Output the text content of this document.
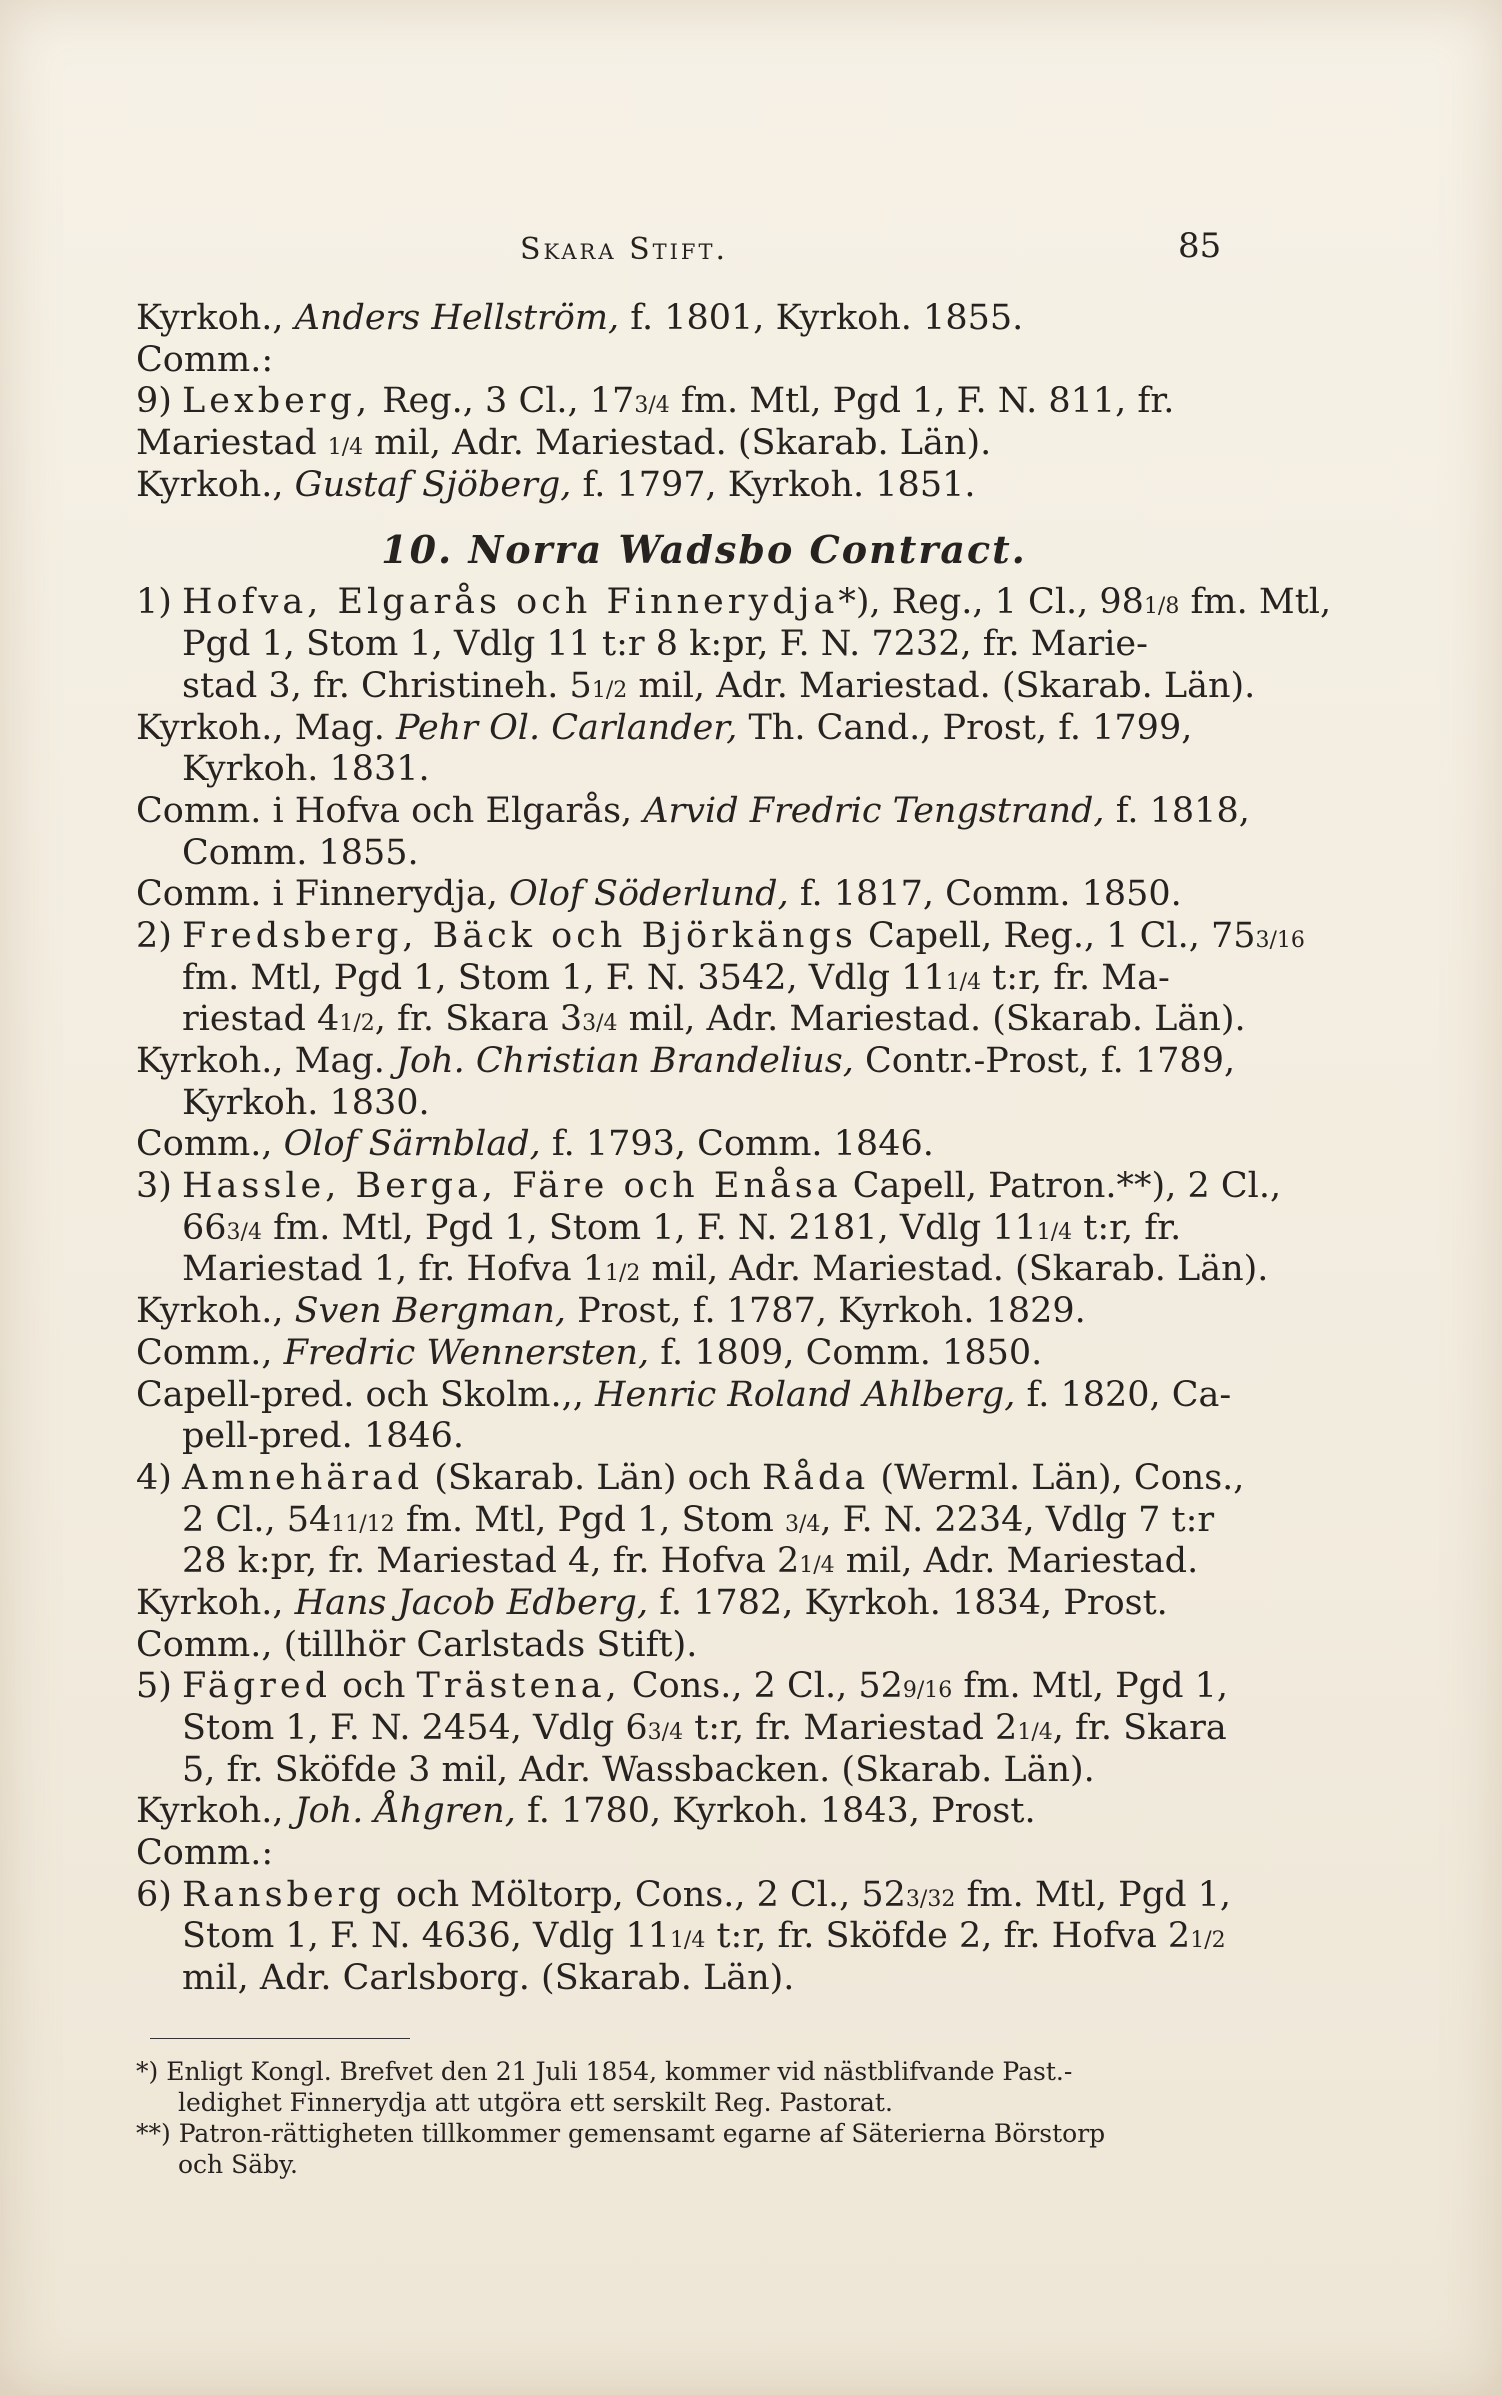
Skara Stift.	85
Kyrkoh., Anders Hellström, f. 1801, Kyrkoh. 1855.
Comm.:
9) Lexberg, Reg., 3 Cl., 173/4 fm. Mtl, Pgd 1, F. N. 811, fr.
Mariestad 1/4 mil, Adr. Mariestad. (Skarab. Län).
Kyrkoh., Gustaf Sjöberg, f. 1797, Kyrkoh. 1851.
10. Norra Wadsbo Contract.
1) Hofva, Elgarås och Finnerydja*), Reg., 1 Cl., 981/8 fm. Mtl,
Pgd 1, Stom 1, Vdlg 11 t:r 8 k:pr, F. N. 7232, fr. Marie-
stad 3, fr. Christineh. 51/2 mil, Adr. Mariestad. (Skarab. Län).
Kyrkoh., Mag. Pehr Ol. Carlander, Th. Cand., Prost, f. 1799,
Kyrkoh. 1831.
Comm. i Hofva och Elgarås, Arvid Fredric Tengstrand, f. 1818,
Comm. 1855.
Comm. i Finnerydja, Olof Söderlund, f. 1817, Comm. 1850.
2) Fredsberg, Bäck och Björkängs Capell, Reg., 1 Cl., 753/16
fm. Mtl, Pgd 1, Stom 1, F. N. 3542, Vdlg 111/4 t:r, fr. Ma-
riestad 41/2, fr. Skara 33/4 mil, Adr. Mariestad. (Skarab. Län).
Kyrkoh., Mag. Joh. Christian Brandelius, Contr.-Prost, f. 1789,
Kyrkoh. 1830.
Comm., Olof Särnblad, f. 1793, Comm. 1846.
3) Hassle, Berga, Färe och Enåsa Capell, Patron.**), 2 Cl.,
663/4 fm. Mtl, Pgd 1, Stom 1, F. N. 2181, Vdlg 111/4 t:r, fr.
Mariestad 1, fr. Hofva 11/2 mil, Adr. Mariestad. (Skarab. Län).
Kyrkoh., Sven Bergman, Prost, f. 1787, Kyrkoh. 1829.
Comm., Fredric Wennersten, f. 1809, Comm. 1850.
Capell-pred. och Skolm.,, Henric Roland Ahlberg, f. 1820, Ca-
pell-pred. 1846.
4) Amnehärad (Skarab. Län) och Råda (Werml. Län), Cons.,
2 Cl., 5411/12 fm. Mtl, Pgd 1, Stom 3/4, F. N. 2234, Vdlg 7 t:r
28 k:pr, fr. Mariestad 4, fr. Hofva 21/4 mil, Adr. Mariestad.
Kyrkoh., Hans Jacob Edberg, f. 1782, Kyrkoh. 1834, Prost.
Comm., (tillhör Carlstads Stift).
5) Fägred och Trästena, Cons., 2 Cl., 529/16 fm. Mtl, Pgd 1,
Stom 1, F. N. 2454, Vdlg 63/4 t:r, fr. Mariestad 21/4, fr. Skara
5, fr. Sköfde 3 mil, Adr. Wassbacken. (Skarab. Län).
Kyrkoh., Joh. Åhgren, f. 1780, Kyrkoh. 1843, Prost.
Comm.:
6) Ransberg och Möltorp, Cons., 2 Cl., 523/32 fm. Mtl, Pgd 1,
Stom 1, F. N. 4636, Vdlg 111/4 t:r, fr. Sköfde 2, fr. Hofva 21/2
mil, Adr. Carlsborg. (Skarab. Län).
*) Enligt Kongl. Brefvet den 21 Juli 1854, kommer vid nästblifvande Past.-
ledighet Finnerydja att utgöra ett serskilt Reg. Pastorat.
**) Patron-rättigheten tillkommer gemensamt egarne af Säterierna Börstorp
och Säby.
